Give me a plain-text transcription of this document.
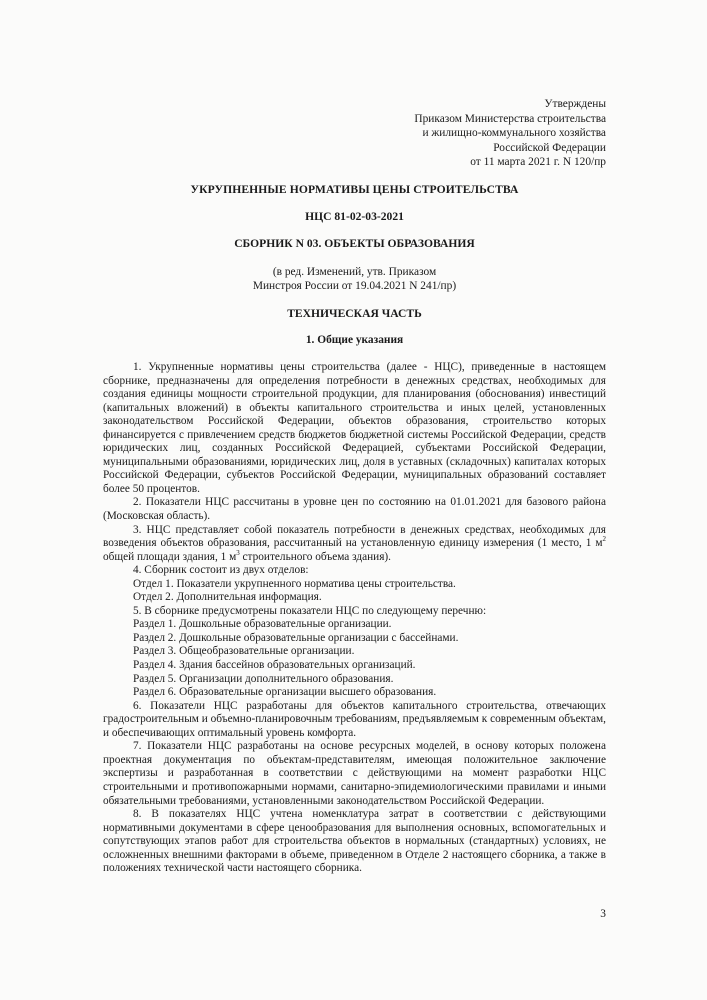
Утверждены
Приказом Министерства строительства
и жилищно-коммунального хозяйства
Российской Федерации
от 11 марта 2021 г. N 120/пр
УКРУПНЕННЫЕ НОРМАТИВЫ ЦЕНЫ СТРОИТЕЛЬСТВА
НЦС 81-02-03-2021
СБОРНИК N 03. ОБЪЕКТЫ ОБРАЗОВАНИЯ
(в ред. Изменений, утв. Приказом
Минстроя России от 19.04.2021 N 241/пр)
ТЕХНИЧЕСКАЯ ЧАСТЬ
1. Общие указания

1. Укрупненные нормативы цены строительства (далее - НЦС), приведенные в настоящем сборнике, предназначены для определения потребности в денежных средствах, необходимых для создания единицы мощности строительной продукции, для планирования (обоснования) инвестиций (капитальных вложений) в объекты капитального строительства и иных целей, установленных законодательством Российской Федерации, объектов образования, строительство которых финансируется с привлечением средств бюджетов бюджетной системы Российской Федерации, средств юридических лиц, созданных Российской Федерацией, субъектами Российской Федерации, муниципальными образованиями, юридических лиц, доля в уставных (складочных) капиталах которых Российской Федерации, субъектов Российской Федерации, муниципальных образований составляет более 50 процентов.

2. Показатели НЦС рассчитаны в уровне цен по состоянию на 01.01.2021 для базового района (Московская область).

3. НЦС представляет собой показатель потребности в денежных средствах, необходимых для возведения объектов образования, рассчитанный на установленную единицу измерения (1 место, 1 $м^2$ общей площади здания, 1 $м^3$ строительного объема здания).

4. Сборник состоит из двух отделов:

Отдел 1. Показатели укрупненного норматива цены строительства.

Отдел 2. Дополнительная информация.

5. В сборнике предусмотрены показатели НЦС по следующему перечню:

Раздел 1. Дошкольные образовательные организации.

Раздел 2. Дошкольные образовательные организации с бассейнами.

Раздел 3. Общеобразовательные организации.

Раздел 4. Здания бассейнов образовательных организаций.

Раздел 5. Организации дополнительного образования.

Раздел 6. Образовательные организации высшего образования.

6. Показатели НЦС разработаны для объектов капитального строительства, отвечающих градостроительным и объемно-планировочным требованиям, предъявляемым к современным объектам, и обеспечивающих оптимальный уровень комфорта.

7. Показатели НЦС разработаны на основе ресурсных моделей, в основу которых положена проектная документация по объектам-представителям, имеющая положительное заключение экспертизы и разработанная в соответствии с действующими на момент разработки НЦС строительными и противопожарными нормами, санитарно-эпидемиологическими правилами и иными обязательными требованиями, установленными законодательством Российской Федерации.

8. В показателях НЦС учтена номенклатура затрат в соответствии с действующими нормативными документами в сфере ценообразования для выполнения основных, вспомогательных и сопутствующих этапов работ для строительства объектов в нормальных (стандартных) условиях, не осложненных внешними факторами в объеме, приведенном в Отделе 2 настоящего сборника, а также в положениях технической части настоящего сборника.

3
